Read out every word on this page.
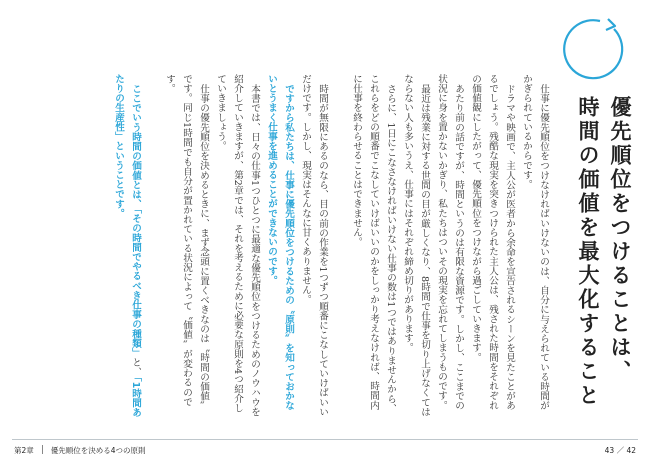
優先順位をつけることは、
時間の価値を最大化すること

仕事に優先順位をつけなければいけないのは、自分に与えられている時間がかぎられているからです。

ドラマや映画で、主人公が医者から余命を宣告されるシーンを見たことがあるでしょう。残酷な現実を突きつけられた主人公は、残された時間をそれぞれの価値観にしたがって、優先順位をつけながら過ごしていきます。

あたり前の話ですが、時間というのは有限な資源です。しかし、ここまでの状況に身を置かないかぎり、私たちはついその現実を忘れてしまうものです。

最近は残業に対する世間の目が厳しくなり、8時間で仕事を切り上げなくてはならない人も多いうえ、仕事にはそれぞれ締め切りがあります。

さらに、1日にこなさなければいけない仕事の数は1つではありませんから、これらをどの順番でこなしていけばいいのかをしっかり考えなければ、時間内に仕事を終わらせることはできません。

時間が無限にあるのなら、目の前の作業を1つずつ順番にこなしていけばいいだけです。しかし、現実はそんなに甘くありません。

ですから私たちは、仕事に優先順位をつけるための〝原則〟を知っておかないとうまく仕事を進めることができないのです。

本書では、日々の仕事1つひとつに最適な優先順位をつけるためのノウハウを紹介していきますが、第2章では、それを考えるために必要な原則を4つ紹介していきましょう。

仕事の優先順位を決めるときに、まず念頭に置くべきなのは〝時間の価値〟です。同じ1時間でも自分が置かれている状況によって〝価値〟が変わるのです。

ここでいう時間の価値とは、「その時間でやるべき仕事の種類」と、「1時間あたりの生産性」ということです。

第2章 優先順位を決める4つの原則	43 ／ 42
